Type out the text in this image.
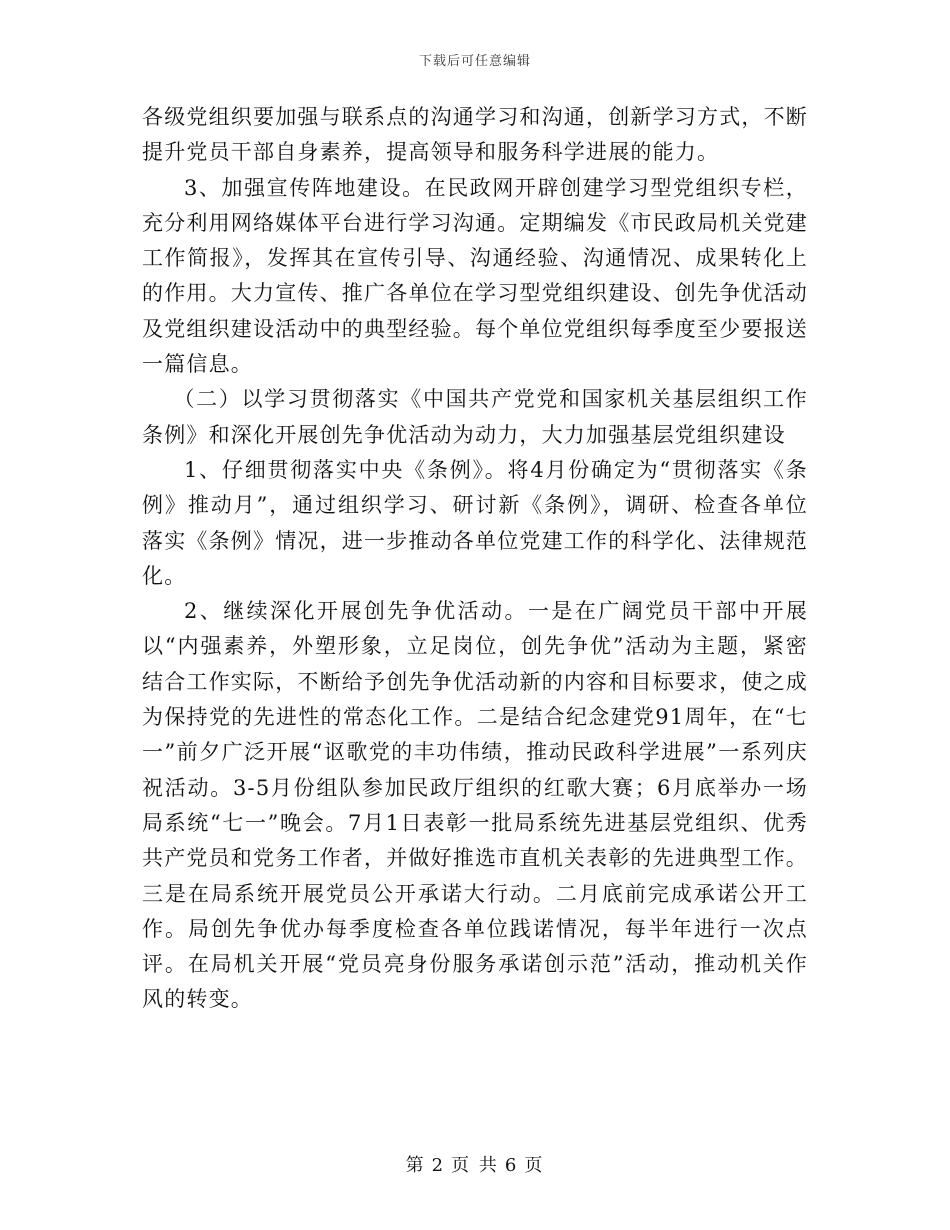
下载后可任意编辑

各级党组织要加强与联系点的沟通学习和沟通，创新学习方式，不断提升党员干部自身素养，提高领导和服务科学进展的能力。

3、加强宣传阵地建设。在民政网开辟创建学习型党组织专栏，充分利用网络媒体平台进行学习沟通。定期编发《市民政局机关党建工作简报》，发挥其在宣传引导、沟通经验、沟通情况、成果转化上的作用。大力宣传、推广各单位在学习型党组织建设、创先争优活动及党组织建设活动中的典型经验。每个单位党组织每季度至少要报送一篇信息。

（二）以学习贯彻落实《中国共产党党和国家机关基层组织工作条例》和深化开展创先争优活动为动力，大力加强基层党组织建设

1、仔细贯彻落实中央《条例》。将4月份确定为“贯彻落实《条例》推动月”，通过组织学习、研讨新《条例》，调研、检查各单位落实《条例》情况，进一步推动各单位党建工作的科学化、法律规范化。

2、继续深化开展创先争优活动。一是在广阔党员干部中开展以“内强素养，外塑形象，立足岗位，创先争优”活动为主题，紧密结合工作实际，不断给予创先争优活动新的内容和目标要求，使之成为保持党的先进性的常态化工作。二是结合纪念建党91周年，在“七一”前夕广泛开展“讴歌党的丰功伟绩，推动民政科学进展”一系列庆祝活动。3-5月份组队参加民政厅组织的红歌大赛；6月底举办一场局系统“七一”晚会。7月1日表彰一批局系统先进基层党组织、优秀共产党员和党务工作者，并做好推选市直机关表彰的先进典型工作。三是在局系统开展党员公开承诺大行动。二月底前完成承诺公开工作。局创先争优办每季度检查各单位践诺情况，每半年进行一次点评。在局机关开展“党员亮身份服务承诺创示范”活动，推动机关作风的转变。

第 2 页 共 6 页
